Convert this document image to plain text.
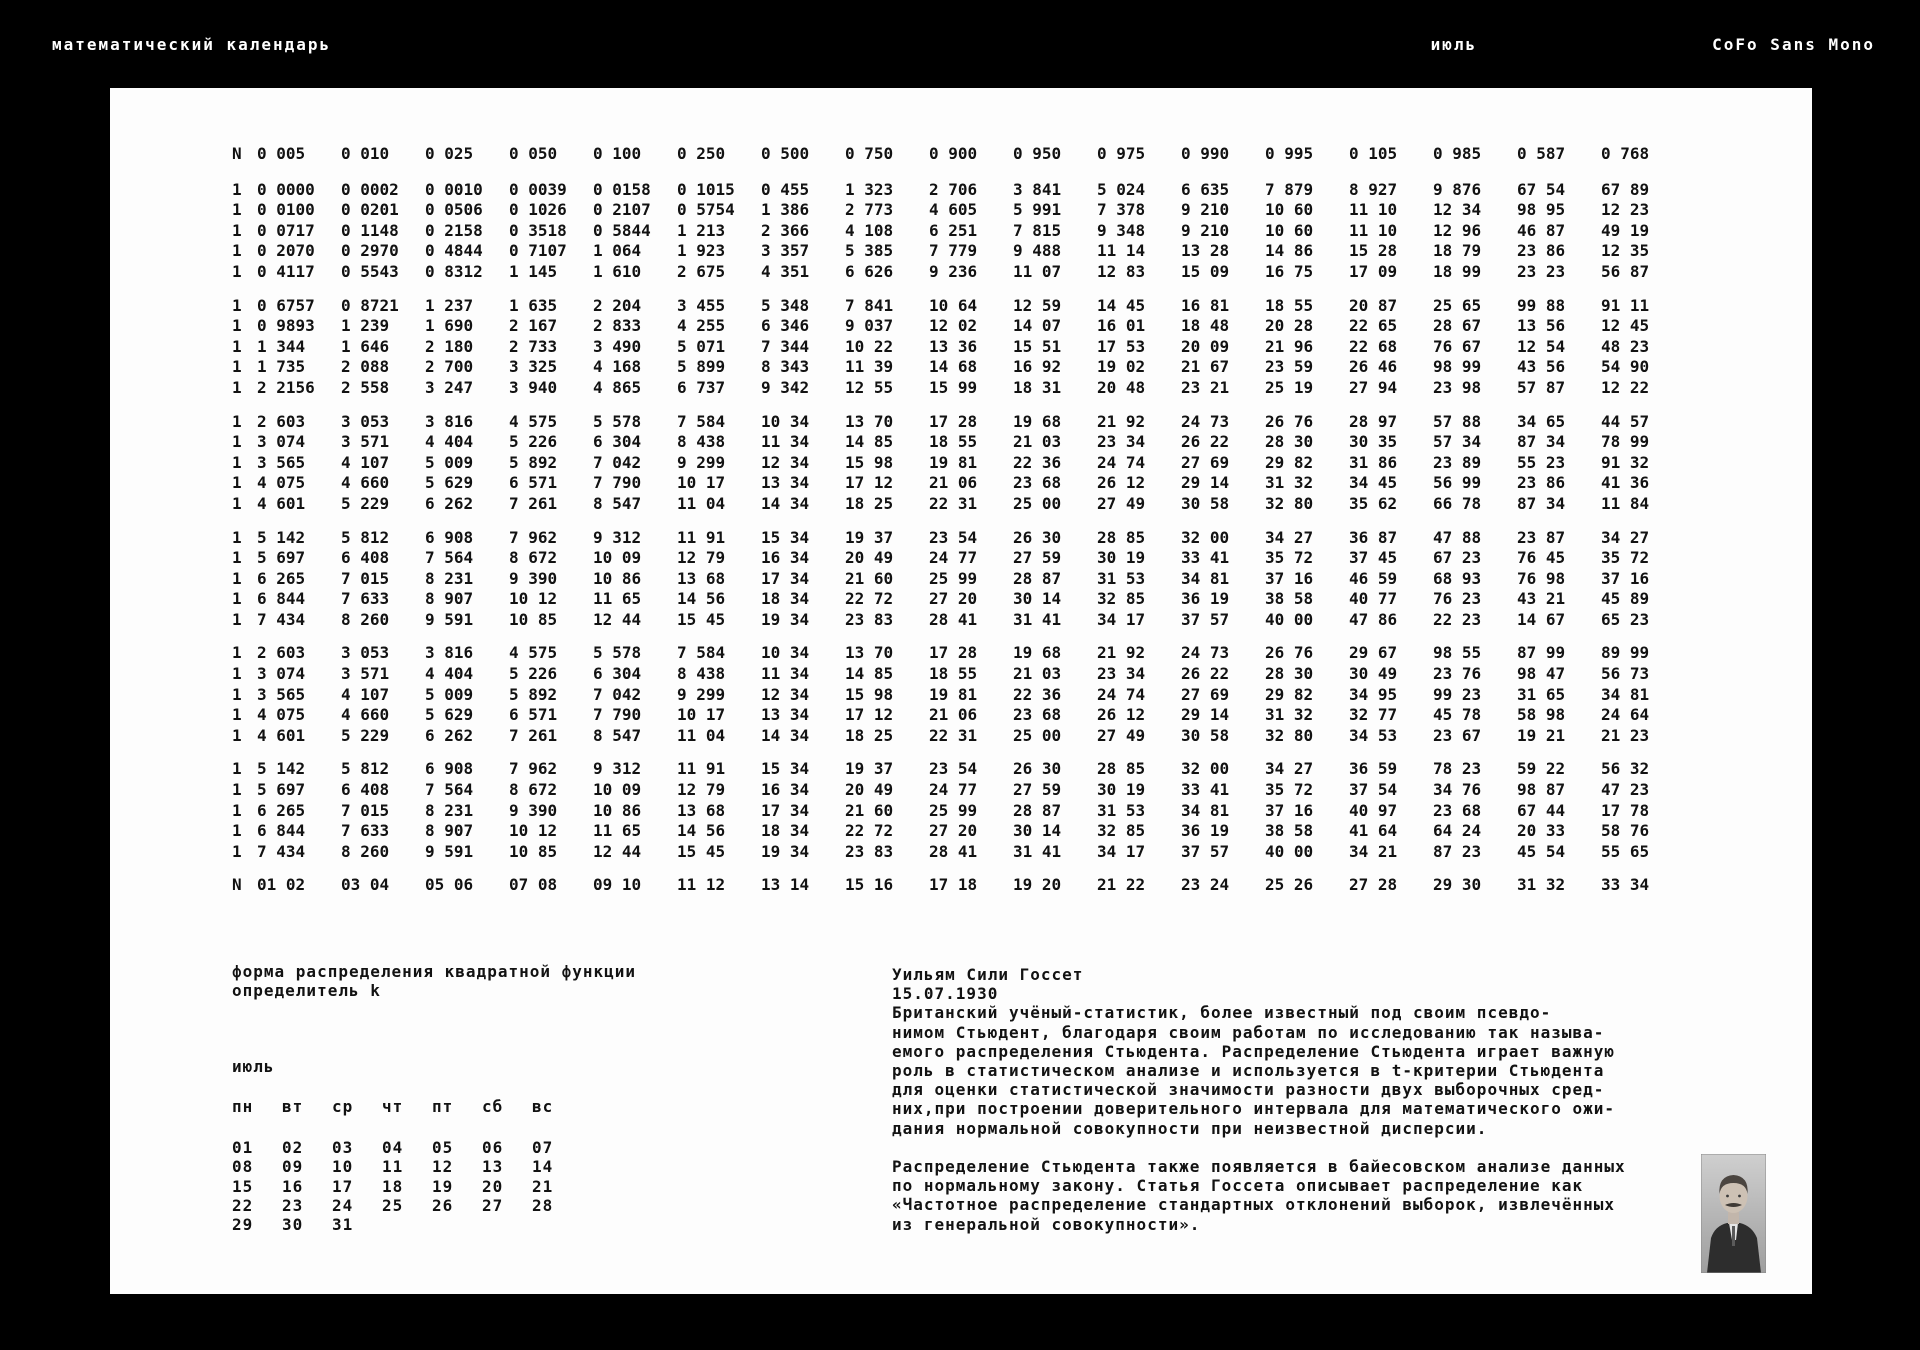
математический календарь	июль	CoFo Sans Mono
N 0 005	0 010	0 025	0 050	0 100	0 250	0 500	0 750	0 900	0 950	0 975	0 990	0 995	0 105	0 985	0 587	0 768
1 0 0000	0 0002	0 0010	0 0039	0 0158	0 1015	0 455	1 323	2 706	3 841	5 024	6 635	7 879	8 927	9 876	67 54	67 89
1 0 0100	0 0201	0 0506	0 1026	0 2107	0 5754	1 386	2 773	4 605	5 991	7 378	9 210	10 60	11 10	12 34	98 95	12 23
1 0 0717	0 1148	0 2158	0 3518	0 5844	1 213	2 366	4 108	6 251	7 815	9 348	9 210	10 60	11 10	12 96	46 87	49 19
1 0 2070	0 2970	0 4844	0 7107	1 064	1 923	3 357	5 385	7 779	9 488	11 14	13 28	14 86	15 28	18 79	23 86	12 35
1 0 4117	0 5543	0 8312	1 145	1 610	2 675	4 351	6 626	9 236	11 07	12 83	15 09	16 75	17 09	18 99	23 23	56 87
1 0 6757	0 8721	1 237	1 635	2 204	3 455	5 348	7 841	10 64	12 59	14 45	16 81	18 55	20 87	25 65	99 88	91 11
1 0 9893	1 239	1 690	2 167	2 833	4 255	6 346	9 037	12 02	14 07	16 01	18 48	20 28	22 65	28 67	13 56	12 45
1 1 344	1 646	2 180	2 733	3 490	5 071	7 344	10 22	13 36	15 51	17 53	20 09	21 96	22 68	76 67	12 54	48 23
1 1 735	2 088	2 700	3 325	4 168	5 899	8 343	11 39	14 68	16 92	19 02	21 67	23 59	26 46	98 99	43 56	54 90
1 2 2156	2 558	3 247	3 940	4 865	6 737	9 342	12 55	15 99	18 31	20 48	23 21	25 19	27 94	23 98	57 87	12 22
1 2 603	3 053	3 816	4 575	5 578	7 584	10 34	13 70	17 28	19 68	21 92	24 73	26 76	28 97	57 88	34 65	44 57
1 3 074	3 571	4 404	5 226	6 304	8 438	11 34	14 85	18 55	21 03	23 34	26 22	28 30	30 35	57 34	87 34	78 99
1 3 565	4 107	5 009	5 892	7 042	9 299	12 34	15 98	19 81	22 36	24 74	27 69	29 82	31 86	23 89	55 23	91 32
1 4 075	4 660	5 629	6 571	7 790	10 17	13 34	17 12	21 06	23 68	26 12	29 14	31 32	34 45	56 99	23 86	41 36
1 4 601	5 229	6 262	7 261	8 547	11 04	14 34	18 25	22 31	25 00	27 49	30 58	32 80	35 62	66 78	87 34	11 84
1 5 142	5 812	6 908	7 962	9 312	11 91	15 34	19 37	23 54	26 30	28 85	32 00	34 27	36 87	47 88	23 87	34 27
1 5 697	6 408	7 564	8 672	10 09	12 79	16 34	20 49	24 77	27 59	30 19	33 41	35 72	37 45	67 23	76 45	35 72
1 6 265	7 015	8 231	9 390	10 86	13 68	17 34	21 60	25 99	28 87	31 53	34 81	37 16	46 59	68 93	76 98	37 16
1 6 844	7 633	8 907	10 12	11 65	14 56	18 34	22 72	27 20	30 14	32 85	36 19	38 58	40 77	76 23	43 21	45 89
1 7 434	8 260	9 591	10 85	12 44	15 45	19 34	23 83	28 41	31 41	34 17	37 57	40 00	47 86	22 23	14 67	65 23
1 2 603	3 053	3 816	4 575	5 578	7 584	10 34	13 70	17 28	19 68	21 92	24 73	26 76	29 67	98 55	87 99	89 99
1 3 074	3 571	4 404	5 226	6 304	8 438	11 34	14 85	18 55	21 03	23 34	26 22	28 30	30 49	23 76	98 47	56 73
1 3 565	4 107	5 009	5 892	7 042	9 299	12 34	15 98	19 81	22 36	24 74	27 69	29 82	34 95	99 23	31 65	34 81
1 4 075	4 660	5 629	6 571	7 790	10 17	13 34	17 12	21 06	23 68	26 12	29 14	31 32	32 77	45 78	58 98	24 64
1 4 601	5 229	6 262	7 261	8 547	11 04	14 34	18 25	22 31	25 00	27 49	30 58	32 80	34 53	23 67	19 21	21 23
1 5 142	5 812	6 908	7 962	9 312	11 91	15 34	19 37	23 54	26 30	28 85	32 00	34 27	36 59	78 23	59 22	56 32
1 5 697	6 408	7 564	8 672	10 09	12 79	16 34	20 49	24 77	27 59	30 19	33 41	35 72	37 54	34 76	98 87	47 23
1 6 265	7 015	8 231	9 390	10 86	13 68	17 34	21 60	25 99	28 87	31 53	34 81	37 16	40 97	23 68	67 44	17 78
1 6 844	7 633	8 907	10 12	11 65	14 56	18 34	22 72	27 20	30 14	32 85	36 19	38 58	41 64	64 24	20 33	58 76
1 7 434	8 260	9 591	10 85	12 44	15 45	19 34	23 83	28 41	31 41	34 17	37 57	40 00	34 21	87 23	45 54	55 65
N 01 02	03 04	05 06	07 08	09 10	11 12	13 14	15 16	17 18	19 20	21 22	23 24	25 26	27 28	29 30	31 32	33 34
форма распределения квадратной функции
определитель k
июль
пн	вт	ср	чт	пт	сб	вс
01	02	03	04	05	06	07
08	09	10	11	12	13	14
15	16	17	18	19	20	21
22	23	24	25	26	27	28
29	30	31
Уильям Сили Госсет
15.07.1930
Британский учёный-статистик, более известный под своим псевдо-
нимом Стьюдент, благодаря своим работам по исследованию так называ-
емого распределения Стьюдента. Распределение Стьюдента играет важную
роль в статистическом анализе и используется в t-критерии Стьюдента
для оценки статистической значимости разности двух выборочных сред-
них,при построении доверительного интервала для математического ожи-
дания нормальной совокупности при неизвестной дисперсии.
Распределение Стьюдента также появляется в байесовском анализе данных
по нормальному закону. Статья Госсета описывает распределение как
«Частотное распределение стандартных отклонений выборок, извлечённых
из генеральной совокупности».
